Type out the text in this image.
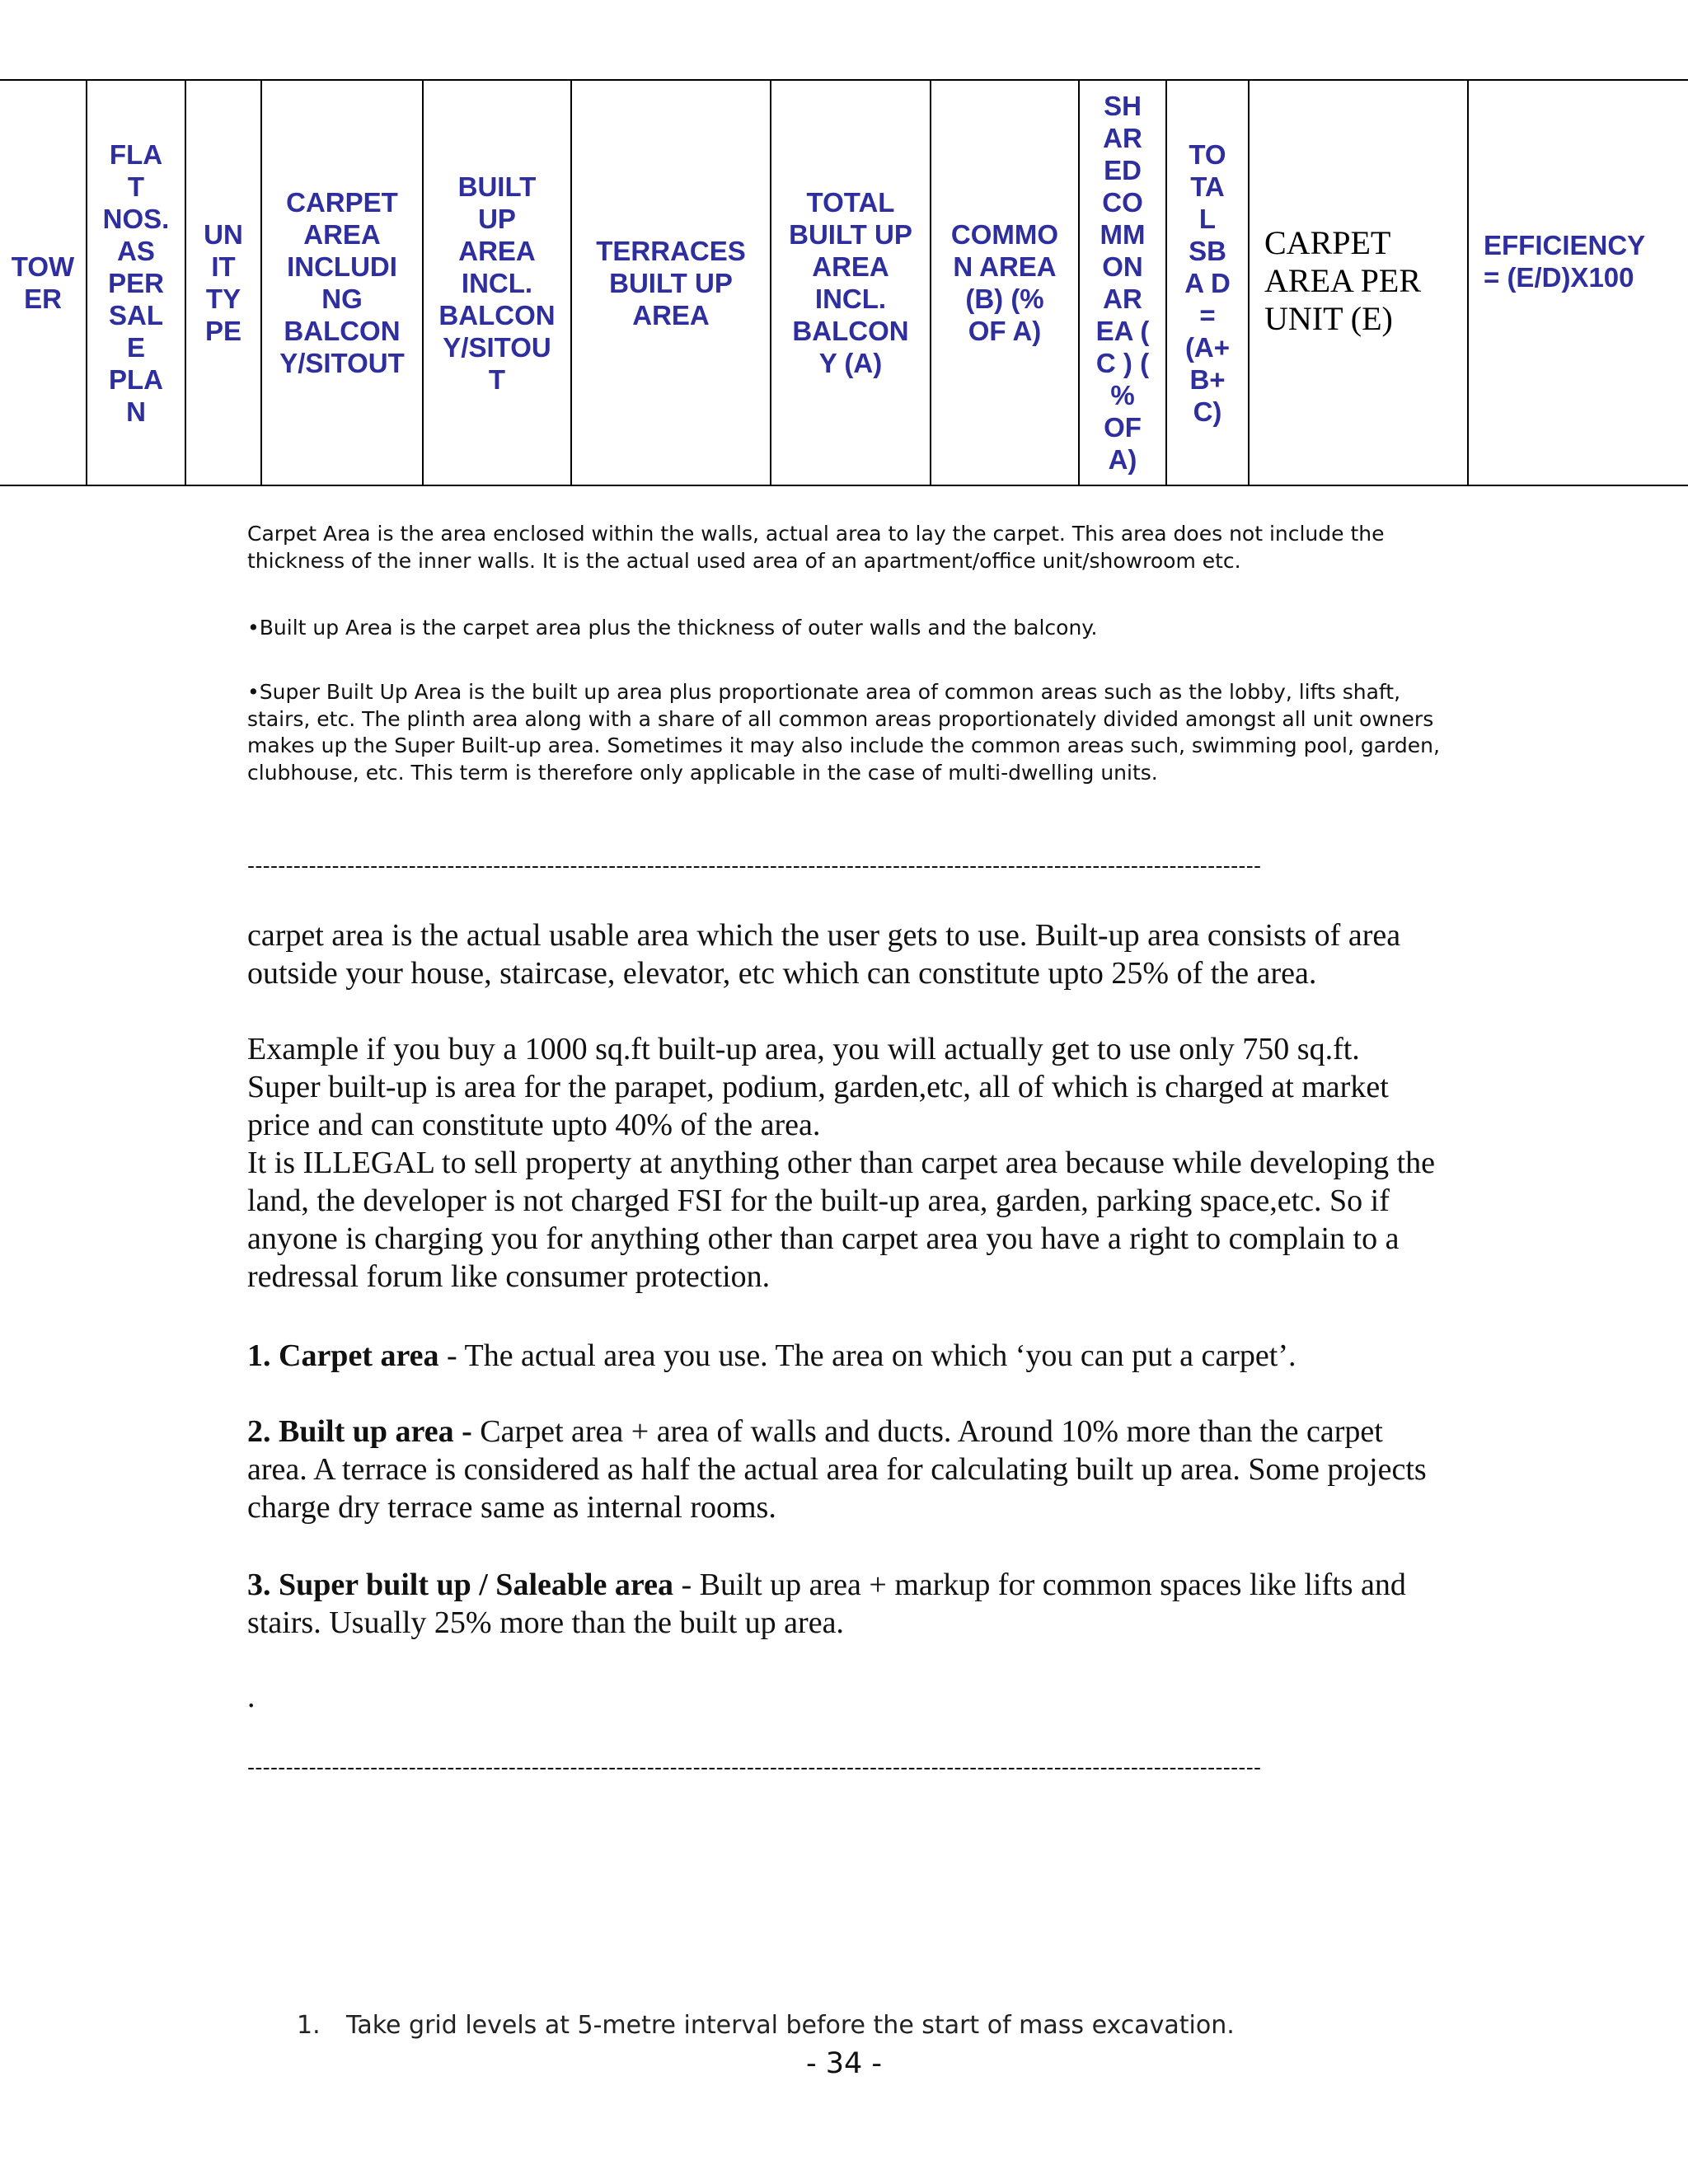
TOW
ER
FLA
T
NOS.
AS
PER
SAL
E
PLA
N
UN
IT
TY
PE
CARPET
AREA
INCLUDI
NG
BALCON
Y/SITOUT
BUILT
UP
AREA
INCL.
BALCON
Y/SITOU
T
TERRACES
BUILT UP
AREA
TOTAL
BUILT UP
AREA
INCL.
BALCON
Y (A)
COMMO
N AREA
(B) (%
OF A)
SH
AR
ED
CO
MM
ON
AR
EA (
C ) (
%
OF
A)
TO
TA
L
SB
A D
=
(A+
B+
C)
CARPET
AREA PER
UNIT (E)
EFFICIENCY
= (E/D)X100

Carpet Area is the area enclosed within the walls, actual area to lay the carpet. This area does not include the thickness of the inner walls. It is the actual used area of an apartment/office unit/showroom etc.

•Built up Area is the carpet area plus the thickness of outer walls and the balcony.

•Super Built Up Area is the built up area plus proportionate area of common areas such as the lobby, lifts shaft, stairs, etc. The plinth area along with a share of all common areas proportionately divided amongst all unit owners makes up the Super Built-up area. Sometimes it may also include the common areas such, swimming pool, garden, clubhouse, etc. This term is therefore only applicable in the case of multi-dwelling units.

------------------------------------------------------------------------------------------------------------------------------------

carpet area is the actual usable area which the user gets to use. Built-up area consists of area outside your house, staircase, elevator, etc which can constitute upto 25% of the area.

Example if you buy a 1000 sq.ft built-up area, you will actually get to use only 750 sq.ft.

Super built-up is area for the parapet, podium, garden,etc, all of which is charged at market price and can constitute upto 40% of the area.

It is ILLEGAL to sell property at anything other than carpet area because while developing the land, the developer is not charged FSI for the built-up area, garden, parking space,etc. So if anyone is charging you for anything other than carpet area you have a right to complain to a redressal forum like consumer protection.

1. Carpet area - The actual area you use. The area on which ‘you can put a carpet’.

2. Built up area - Carpet area + area of walls and ducts. Around 10% more than the carpet area. A terrace is considered as half the actual area for calculating built up area. Some projects charge dry terrace same as internal rooms.

3. Super built up / Saleable area - Built up area + markup for common spaces like lifts and stairs. Usually 25% more than the built up area.

.

------------------------------------------------------------------------------------------------------------------------------------
1. Take grid levels at 5-metre interval before the start of mass excavation.
- 34 -
